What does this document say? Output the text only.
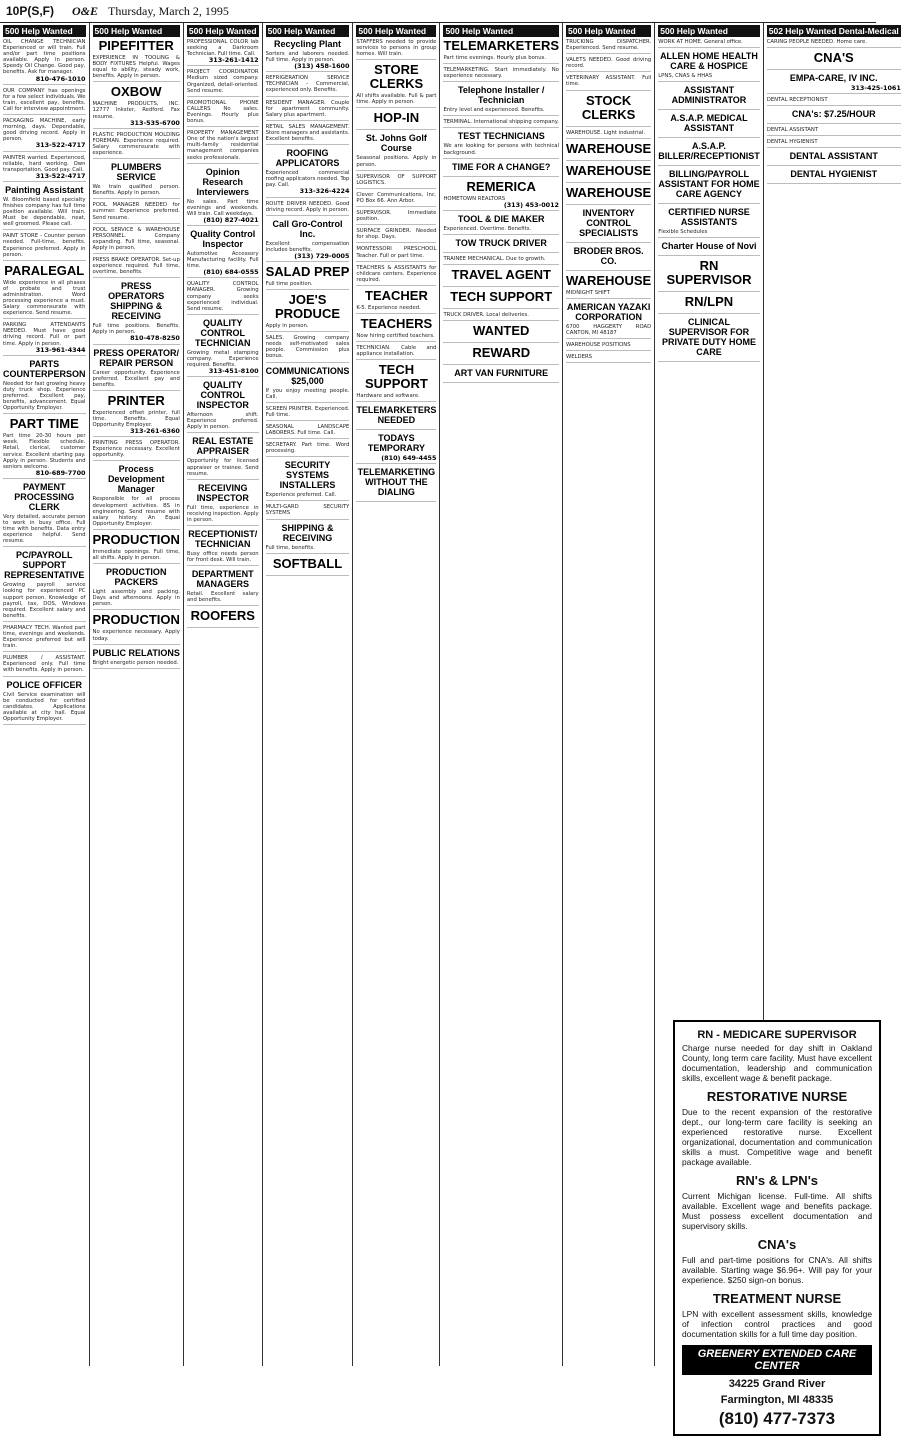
10P(S,F) O&E Thursday, March 2, 1995
500 Help Wanted
OIL CHANGE TECHNICIAN Experienced or will train. Full and/or part time positions available. Apply in person. Speedy Oil Change. Good pay, benefits. Ask for manager.
810-476-1010
OUR COMPANY has openings for a few select individuals. We train, excellent pay, benefits. Call for interview appointment.
PACKAGING MACHINE, early morning, days. Dependable, good driving record. Apply in person.
313-522-4717
PAINTER wanted. Experienced, reliable, hard working. Own transportation. Good pay. Call.
313-522-4717
Painting Assistant
W. Bloomfield based specialty finishes company has full time position available. Will train. Must be dependable, neat, well groomed. Please call.
PAINT STORE - Counter person needed. Full-time, benefits. Experience preferred. Apply in person.
PARALEGAL
Wide experience in all phases of probate and trust administration. Word processing experience a must. Salary commensurate with experience. Send resume.
PARKING ATTENDANTS NEEDED. Must have good driving record. Full or part time. Apply in person.
313-961-4344
PARTS COUNTERPERSON
Needed for fast growing heavy duty truck shop. Experience preferred. Excellent pay, benefits, advancement. Equal Opportunity Employer.
PART TIME
Part time 20-30 hours per week. Flexible schedule. Retail, clerical, customer service. Excellent starting pay. Apply in person. Students and seniors welcome.
810-689-7700
PAYMENT PROCESSING CLERK
Very detailed, accurate person to work in busy office. Full time with benefits. Data entry experience helpful. Send resume.
PC/PAYROLL SUPPORT REPRESENTATIVE
Growing payroll service looking for experienced PC support person. Knowledge of payroll, tax, DOS, Windows required. Excellent salary and benefits.
PHARMACY TECH. Wanted part time, evenings and weekends. Experience preferred but will train.
PLUMBER / ASSISTANT. Experienced only. Full time with benefits. Apply in person.
POLICE OFFICER
Civil Service examination will be conducted for certified candidates. Applications available at city hall. Equal Opportunity Employer.
500 Help Wanted
PIPEFITTER
EXPERIENCE IN TOOLING & BODY FIXTURES Helpful. Wages equal to ability, steady work, benefits. Apply in person.
OXBOW
MACHINE PRODUCTS, INC. 12777 Inkster, Redford. Fax resume.
313-535-6700
PLASTIC PRODUCTION MOLDING FOREMAN. Experience required. Salary commensurate with experience.
PLUMBERS SERVICE
We train qualified person. Benefits. Apply in person.
POOL MANAGER NEEDED for summer. Experience preferred. Send resume.
POOL SERVICE & WAREHOUSE PERSONNEL. Company expanding. Full time, seasonal. Apply in person.
PRESS BRAKE OPERATOR. Set-up experience required. Full time, overtime, benefits.
PRESS OPERATORS SHIPPING & RECEIVING
Full time positions. Benefits. Apply in person.
810-478-8250
PRESS OPERATOR/ REPAIR PERSON
Career opportunity. Experience preferred. Excellent pay and benefits.
PRINTER
Experienced offset printer, full time. Benefits. Equal Opportunity Employer.
313-261-6360
PRINTING PRESS OPERATOR. Experience necessary. Excellent opportunity.
Process Development Manager
Responsible for all process development activities. BS in engineering. Send resume with salary history. An Equal Opportunity Employer.
PRODUCTION
Immediate openings. Full time, all shifts. Apply in person.
PRODUCTION PACKERS
Light assembly and packing. Days and afternoons. Apply in person.
PRODUCTION
No experience necessary. Apply today.
PUBLIC RELATIONS
Bright energetic person needed.
500 Help Wanted
PROFESSIONAL COLOR lab seeking a Darkroom Technician. Full time. Call.
313-261-1412
PROJECT COORDINATOR Medium sized company. Organized, detail-oriented. Send resume.
PROMOTIONAL PHONE CALLERS No sales. Evenings. Hourly plus bonus.
PROPERTY MANAGEMENT One of the nation's largest multi-family residential management companies seeks professionals.
Opinion Research Interviewers
No sales. Part time evenings and weekends. Will train. Call weekdays.
(810) 827-4021
Quality Control Inspector
Automotive Accessory Manufacturing facility. Full time.
(810) 684-0555
QUALITY CONTROL MANAGER. Growing company seeks experienced individual. Send resume.
QUALITY CONTROL TECHNICIAN
Growing metal stamping company. Experience required. Benefits.
313-451-8100
QUALITY CONTROL INSPECTOR
Afternoon shift. Experience preferred. Apply in person.
REAL ESTATE APPRAISER
Opportunity for licensed appraiser or trainee. Send resume.
RECEIVING INSPECTOR
Full time, experience in receiving inspection. Apply in person.
RECEPTIONIST/ TECHNICIAN
Busy office needs person for front desk. Will train.
DEPARTMENT MANAGERS
Retail. Excellent salary and benefits.
ROOFERS
500 Help Wanted
Recycling Plant
Sorters and laborers needed. Full time. Apply in person.
(313) 458-1600
REFRIGERATION SERVICE TECHNICIAN - Commercial, experienced only. Benefits.
RESIDENT MANAGER. Couple for apartment community. Salary plus apartment.
RETAIL SALES MANAGEMENT. Store managers and assistants. Excellent benefits.
ROOFING APPLICATORS
Experienced commercial roofing applicators needed. Top pay. Call.
313-326-4224
ROUTE DRIVER NEEDED. Good driving record. Apply in person.
Call Gro-Control Inc.
Excellent compensation includes benefits.
(313) 729-0005
SALAD PREP
Full time position.
JOE'S PRODUCE
Apply in person.
SALES. Growing company needs self-motivated sales people. Commission plus bonus.
COMMUNICATIONS $25,000
If you enjoy meeting people. Call.
SCREEN PRINTER. Experienced. Full time.
SEASONAL LANDSCAPE LABORERS. Full time. Call.
SECRETARY. Part time. Word processing.
SECURITY SYSTEMS INSTALLERS
Experience preferred. Call.
MULTI-GARD SECURITY SYSTEMS
SHIPPING & RECEIVING
Full time, benefits.
SOFTBALL
500 Help Wanted
STAFFERS needed to provide services to persons in group homes. Will train.
STORE CLERKS
All shifts available. Full & part time. Apply in person.
HOP-IN
St. Johns Golf Course
Seasonal positions. Apply in person.
SUPERVISOR OF SUPPORT LOGISTICS.
Clever Communications, Inc. PO Box 66. Ann Arbor.
SUPERVISOR. Immediate position.
SURFACE GRINDER. Needed for shop. Days.
MONTESSORI PRESCHOOL Teacher. Full or part time.
TEACHERS & ASSISTANTS for childcare centers. Experience required.
TEACHER
K-5. Experience needed.
TEACHERS
Now hiring certified teachers.
TECHNICIAN. Cable and appliance installation.
TECH SUPPORT
Hardware and software.
TELEMARKETERS NEEDED
TODAYS TEMPORARY
(810) 649-4455
TELEMARKETING WITHOUT THE DIALING
500 Help Wanted
TELEMARKETERS
Part time evenings. Hourly plus bonus.
TELEMARKETING. Start immediately. No experience necessary.
Telephone Installer / Technician
Entry level and experienced. Benefits.
TERMINAL. International shipping company.
TEST TECHNICIANS
We are looking for persons with technical background.
TIME FOR A CHANGE?
REMERICA
HOMETOWN REALTORS
(313) 453-0012
TOOL & DIE MAKER
Experienced. Overtime. Benefits.
TOW TRUCK DRIVER
TRAINEE MECHANICAL. Due to growth.
TRAVEL AGENT
TECH SUPPORT
TRUCK DRIVER. Local deliveries.
WANTED
REWARD
ART VAN FURNITURE
500 Help Wanted
TRUCKING DISPATCHER. Experienced. Send resume.
VALETS NEEDED. Good driving record.
VETERINARY ASSISTANT. Full time.
STOCK CLERKS
WAREHOUSE. Light industrial.
WAREHOUSE
WAREHOUSE
WAREHOUSE
INVENTORY CONTROL SPECIALISTS
BRODER BROS. CO.
WAREHOUSE
MIDNIGHT SHIFT
AMERICAN YAZAKI CORPORATION
6700 HAGGERTY ROAD CANTON, MI 48187
WAREHOUSE POSITIONS
WELDERS
500 Help Wanted
WORK AT HOME. General office.
ALLEN HOME HEALTH CARE & HOSPICE
LPNS, CNAS & HHAS
ASSISTANT ADMINISTRATOR
A.S.A.P. MEDICAL ASSISTANT
A.S.A.P. BILLER/RECEPTIONIST
BILLING/PAYROLL ASSISTANT FOR HOME CARE AGENCY
CERTIFIED NURSE ASSISTANTS
Flexible Schedules
Charter House of Novi
RN SUPERVISOR
RN/LPN
CLINICAL SUPERVISOR FOR PRIVATE DUTY HOME CARE
502 Help Wanted Dental-Medical
CARING PEOPLE NEEDED. Home care.
CNA'S
EMPA-CARE, IV INC.
313-425-1061
DENTAL RECEPTIONIST
CNA's: $7.25/HOUR
DENTAL ASSISTANT
DENTAL HYGIENIST
DENTAL ASSISTANT
DENTAL HYGIENIST
RN - MEDICARE SUPERVISOR

Charge nurse needed for day shift in Oakland County, long term care facility. Must have excellent documentation, leadership and communication skills, excellent wage & benefit package.

RESTORATIVE NURSE

Due to the recent expansion of the restorative dept., our long-term care facility is seeking an experienced restorative nurse. Excellent organizational, documentation and communication skills a must. Competitive wage and benefit package available.

RN's & LPN's

Current Michigan license. Full-time. All shifts available. Excellent wage and benefits package. Must possess excellent documentation and supervisory skills.

CNA's

Full and part-time positions for CNA's. All shifts available. Starting wage $6.96+. Will pay for your experience. $250 sign-on bonus.

TREATMENT NURSE

LPN with excellent assessment skills, knowledge of infection control practices and good documentation skills for a full time day position.

GREENERY EXTENDED CARE CENTER
34225 Grand River
Farmington, MI 48335
(810) 477-7373
